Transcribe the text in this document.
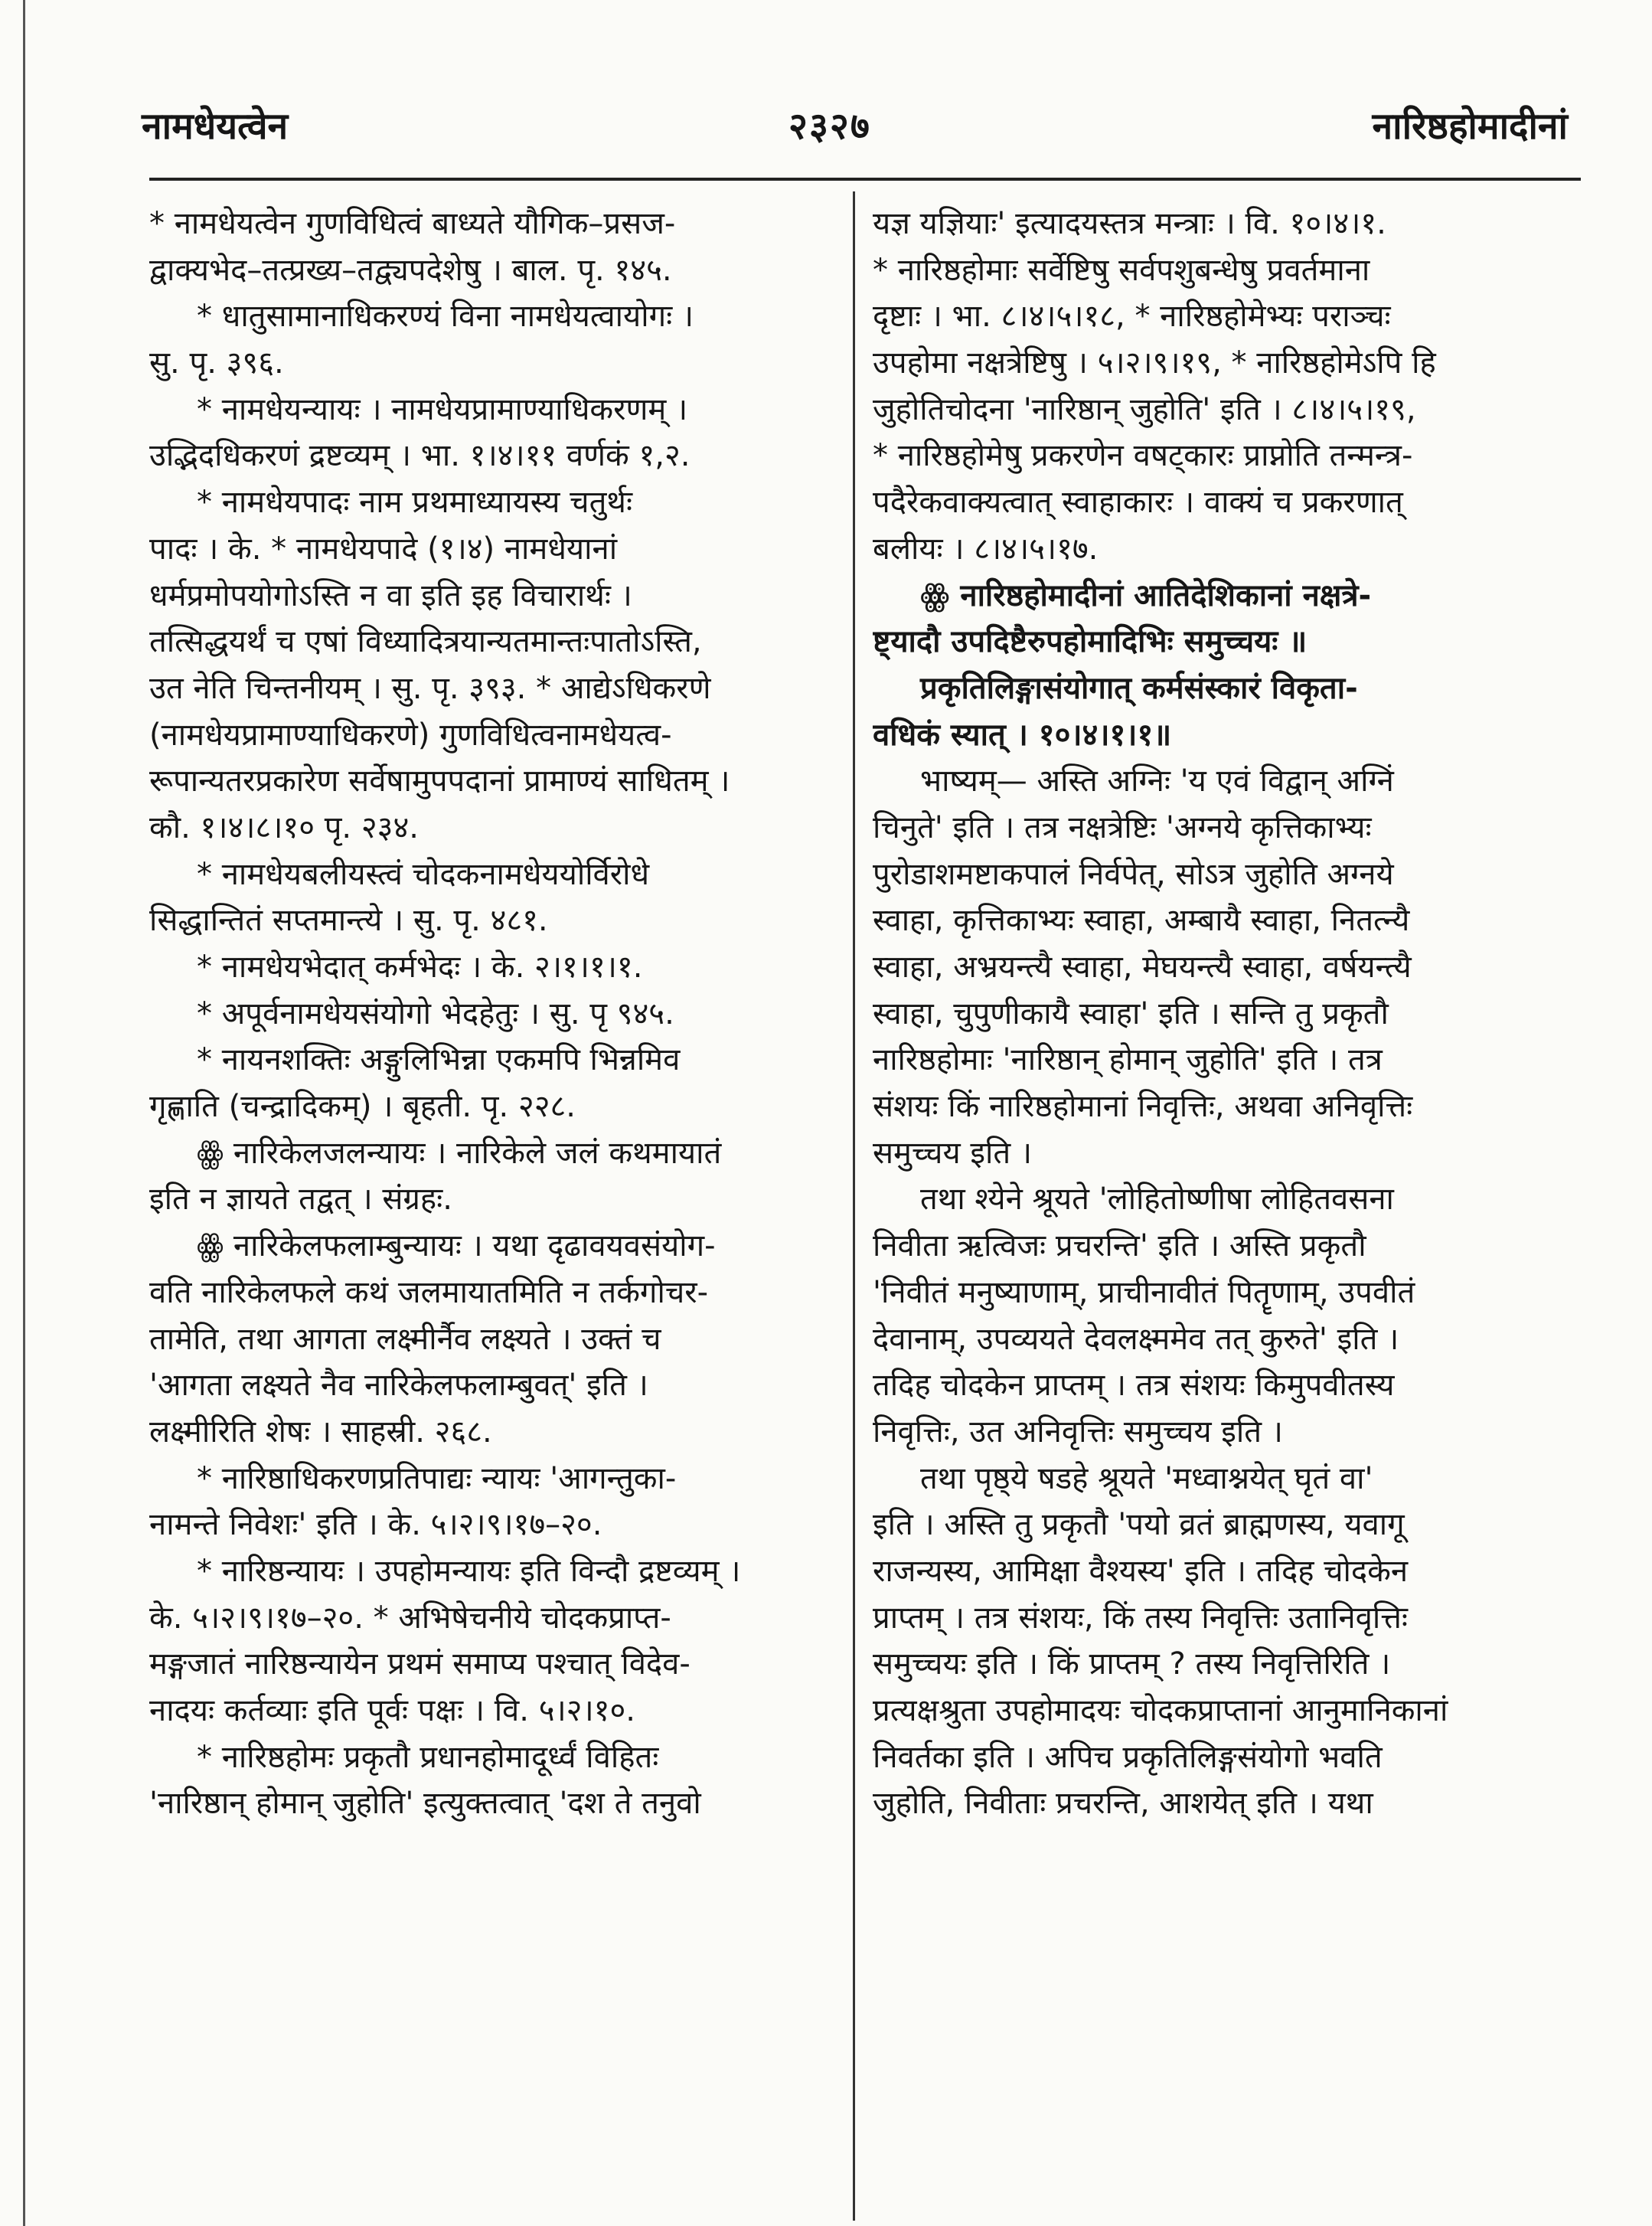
नामधेयत्वेन	२३२७	नारिष्ठहोमादीनां
* नामधेयत्वेन गुणविधित्वं बाध्यते यौगिक–प्रसज-
द्वाक्यभेद–तत्प्रख्य–तद्व्यपदेशेषु । बाल. पृ. १४५.
* धातुसामानाधिकरण्यं विना नामधेयत्वायोगः ।
सु. पृ. ३९६.
* नामधेयन्यायः । नामधेयप्रामाण्याधिकरणम् ।
उद्भिदधिकरणं द्रष्टव्यम् । भा. १।४।११ वर्णकं १,२.
* नामधेयपादः नाम प्रथमाध्यायस्य चतुर्थः
पादः । के. * नामधेयपादे (१।४) नामधेयानां
धर्मप्रमोपयोगोऽस्ति न वा इति इह विचारार्थः ।
तत्सिद्धयर्थं च एषां विध्यादित्रयान्यतमान्तःपातोऽस्ति,
उत नेति चिन्तनीयम् । सु. पृ. ३९३. * आद्येऽधिकरणे
(नामधेयप्रामाण्याधिकरणे) गुणविधित्वनामधेयत्व-
रूपान्यतरप्रकारेण सर्वेषामुपपदानां प्रामाण्यं साधितम् ।
कौ. १।४।८।१० पृ. २३४.
* नामधेयबलीयस्त्वं चोदकनामधेययोर्विरोधे
सिद्धान्तितं सप्तमान्त्ये । सु. पृ. ४८१.
* नामधेयभेदात् कर्मभेदः । के. २।१।१।१.
* अपूर्वनामधेयसंयोगो भेदहेतुः । सु. पृ ९४५.
* नायनशक्तिः अङ्गुलिभिन्ना एकमपि भिन्नमिव
गृह्णाति (चन्द्रादिकम्) । बृहती. पृ. २२८.
ꙮ नारिकेलजलन्यायः । नारिकेले जलं कथमायातं
इति न ज्ञायते तद्वत् । संग्रहः.
ꙮ नारिकेलफलाम्बुन्यायः । यथा दृढावयवसंयोग-
वति नारिकेलफले कथं जलमायातमिति न तर्कगोचर-
तामेति, तथा आगता लक्ष्मीर्नैव लक्ष्यते । उक्तं च
'आगता लक्ष्यते नैव नारिकेलफलाम्बुवत्' इति ।
लक्ष्मीरिति शेषः । साहस्री. २६८.
* नारिष्ठाधिकरणप्रतिपाद्यः न्यायः 'आगन्तुका-
नामन्ते निवेशः' इति । के. ५।२।९।१७–२०.
* नारिष्ठन्यायः । उपहोमन्यायः इति विन्दौ द्रष्टव्यम् ।
के. ५।२।९।१७–२०. * अभिषेचनीये चोदकप्राप्त-
मङ्गजातं नारिष्ठन्यायेन प्रथमं समाप्य पश्चात् विदेव-
नादयः कर्तव्याः इति पूर्वः पक्षः । वि. ५।२।१०.
* नारिष्ठहोमः प्रकृतौ प्रधानहोमादूर्ध्वं विहितः
'नारिष्ठान् होमान् जुहोति' इत्युक्तत्वात् 'दश ते तनुवो
यज्ञ यज्ञियाः' इत्यादयस्तत्र मन्त्राः । वि. १०।४।१.
* नारिष्ठहोमाः सर्वेष्टिषु सर्वपशुबन्धेषु प्रवर्तमाना
दृष्टाः । भा. ८।४।५।१८, * नारिष्ठहोमेभ्यः पराञ्चः
उपहोमा नक्षत्रेष्टिषु । ५।२।९।१९, * नारिष्ठहोमेऽपि हि
जुहोतिचोदना 'नारिष्ठान् जुहोति' इति । ८।४।५।१९,
* नारिष्ठहोमेषु प्रकरणेन वषट्कारः प्राप्नोति तन्मन्त्र-
पदैरेकवाक्यत्वात् स्वाहाकारः । वाक्यं च प्रकरणात्
बलीयः । ८।४।५।१७.
ꙮ नारिष्ठहोमादीनां आतिदेशिकानां नक्षत्रे-
ष्ट्यादौ उपदिष्टैरुपहोमादिभिः समुच्चयः ॥
प्रकृतिलिङ्गासंयोगात् कर्मसंस्कारं विकृता-
वधिकं स्यात् । १०।४।१।१॥
भाष्यम्— अस्ति अग्निः 'य एवं विद्वान् अग्निं
चिनुते' इति । तत्र नक्षत्रेष्टिः 'अग्नये कृत्तिकाभ्यः
पुरोडाशमष्टाकपालं निर्वपेत्, सोऽत्र जुहोति अग्नये
स्वाहा, कृत्तिकाभ्यः स्वाहा, अम्बायै स्वाहा, नितत्न्यै
स्वाहा, अभ्रयन्त्यै स्वाहा, मेघयन्त्यै स्वाहा, वर्षयन्त्यै
स्वाहा, चुपुणीकायै स्वाहा' इति । सन्ति तु प्रकृतौ
नारिष्ठहोमाः 'नारिष्ठान् होमान् जुहोति' इति । तत्र
संशयः किं नारिष्ठहोमानां निवृत्तिः, अथवा अनिवृत्तिः
समुच्चय इति ।
तथा श्येने श्रूयते 'लोहितोष्णीषा लोहितवसना
निवीता ऋत्विजः प्रचरन्ति' इति । अस्ति प्रकृतौ
'निवीतं मनुष्याणाम्, प्राचीनावीतं पितॄणाम्, उपवीतं
देवानाम्, उपव्ययते देवलक्ष्ममेव तत् कुरुते' इति ।
तदिह चोदकेन प्राप्तम् । तत्र संशयः किमुपवीतस्य
निवृत्तिः, उत अनिवृत्तिः समुच्चय इति ।
तथा पृष्ठ्ये षडहे श्रूयते 'मध्वाश्नयेत् घृतं वा'
इति । अस्ति तु प्रकृतौ 'पयो व्रतं ब्राह्मणस्य, यवागू
राजन्यस्य, आमिक्षा वैश्यस्य' इति । तदिह चोदकेन
प्राप्तम् । तत्र संशयः, किं तस्य निवृत्तिः उतानिवृत्तिः
समुच्चयः इति । किं प्राप्तम् ? तस्य निवृत्तिरिति ।
प्रत्यक्षश्रुता उपहोमादयः चोदकप्राप्तानां आनुमानिकानां
निवर्तका इति । अपिच प्रकृतिलिङ्गसंयोगो भवति
जुहोति, निवीताः प्रचरन्ति, आशयेत् इति । यथा
